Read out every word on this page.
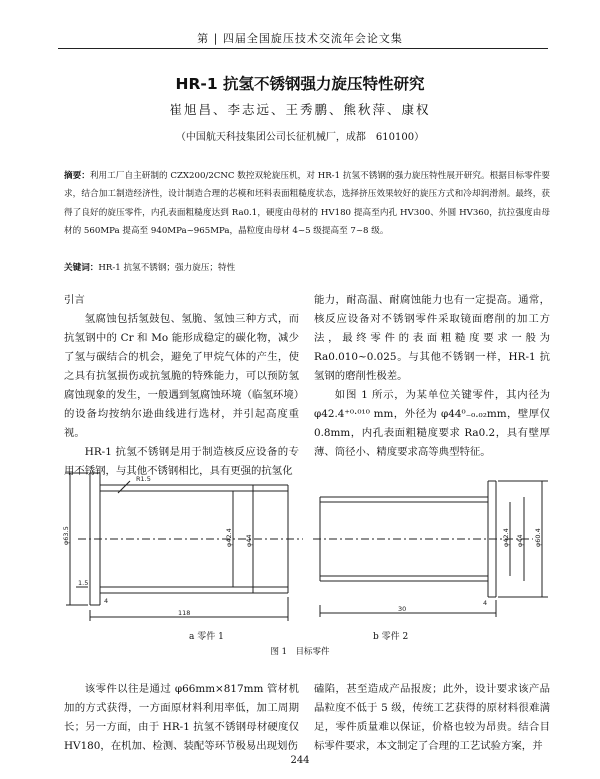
第 | 四届全国旋压技术交流年会论文集
HR-1 抗氢不锈钢强力旋压特性研究
崔旭昌、李志远、王秀鹏、熊秋萍、康权
（中国航天科技集团公司长征机械厂，成都　610100）
摘要：利用工厂自主研制的 CZX200/2CNC 数控双轮旋压机，对 HR-1 抗氢不锈钢的强力旋压特性展开研究。根据目标零件要求，结合加工制造经济性，设计制造合理的芯模和坯料表面粗糙度状态，选择挤压效果较好的旋压方式和冷却润滑剂。最终，获得了良好的旋压零件，内孔表面粗糙度达到 Ra0.1，硬度由母材的 HV180 提高至内孔 HV300、外圆 HV360，抗拉强度由母材的 560MPa 提高至 940MPa~965MPa，晶粒度由母材 4~5 级提高至 7~8 级。
关键词：HR-1 抗氢不锈钢；强力旋压；特性

引言

氢腐蚀包括氢鼓包、氢脆、氢蚀三种方式，而抗氢钢中的 Cr 和 Mo 能形成稳定的碳化物，减少了氢与碳结合的机会，避免了甲烷气体的产生，使之具有抗氢损伤或抗氢脆的特殊能力，可以预防氢腐蚀现象的发生，一般遇到氢腐蚀环境（临氢环境）的设备均按纳尔逊曲线进行选材，并引起高度重视。

HR-1 抗氢不锈钢是用于制造核反应设备的专用不锈钢，与其他不锈钢相比，具有更强的抗氢化

能力，耐高温、耐腐蚀能力也有一定提高。通常，核反应设备对不锈钢零件采取镜面磨削的加工方法，最终零件的表面粗糙度要求一般为 Ra0.010~0.025。与其他不锈钢一样，HR-1 抗氢钢的磨削性极差。

如图 1 所示，为某单位关键零件，其内径为 φ42.4⁺⁰·⁰¹⁰ mm，外径为 φ44⁰₋₀.₀₂mm，壁厚仅 0.8mm，内孔表面粗糙度要求 Ra0.2，具有壁厚薄、筒径小、精度要求高等典型特征。

R1.5
φ63.5	φ42.4 φ44
1.5
4
118
φ42.4 φ44 φ60.4
30
4
a 零件 1	b 零件 2
图 1　目标零件

该零件以往是通过 φ66mm×817mm 管材机加的方式获得，一方面原材料利用率低，加工周期长；另一方面，由于 HR-1 抗氢不锈钢母材硬度仅 HV180，在机加、检测、装配等环节极易出现划伤

磕陷，甚至造成产品报废；此外，设计要求该产品晶粒度不低于 5 级，传统工艺获得的原材料很难满足，零件质量难以保证，价格也较为昂贵。结合目标零件要求，本文制定了合理的工艺试验方案，并

244
